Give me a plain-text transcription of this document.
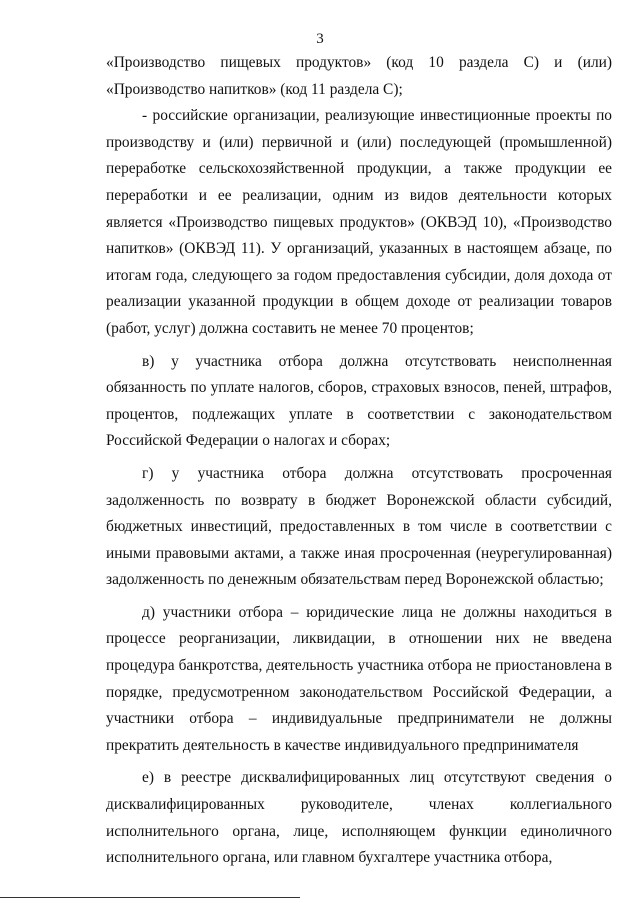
3

«Производство пищевых продуктов» (код 10 раздела С) и (или) «Производство напитков» (код 11 раздела С);

- российские организации, реализующие инвестиционные проекты по производству и (или) первичной и (или) последующей (промышленной) переработке сельскохозяйственной продукции, а также продукции ее переработки и ее реализации, одним из видов деятельности которых является «Производство пищевых продуктов» (ОКВЭД 10), «Производство напитков» (ОКВЭД 11). У организаций, указанных в настоящем абзаце, по итогам года, следующего за годом предоставления субсидии, доля дохода от реализации указанной продукции в общем доходе от реализации товаров (работ, услуг) должна составить не менее 70 процентов;

в) у участника отбора должна отсутствовать неисполненная обязанность по уплате налогов, сборов, страховых взносов, пеней, штрафов, процентов, подлежащих уплате в соответствии с законодательством Российской Федерации о налогах и сборах;

г) у участника отбора должна отсутствовать просроченная задолженность по возврату в бюджет Воронежской области субсидий, бюджетных инвестиций, предоставленных в том числе в соответствии с иными правовыми актами, а также иная просроченная (неурегулированная) задолженность по денежным обязательствам перед Воронежской областью;

д) участники отбора – юридические лица не должны находиться в процессе реорганизации, ликвидации, в отношении них не введена процедура банкротства, деятельность участника отбора не приостановлена в порядке, предусмотренном законодательством Российской Федерации, а участники отбора – индивидуальные предприниматели не должны прекратить деятельность в качестве индивидуального предпринимателя

е) в реестре дисквалифицированных лиц отсутствуют сведения о дисквалифицированных руководителе, членах коллегиального исполнительного органа, лице, исполняющем функции единоличного исполнительного органа, или главном бухгалтере участника отбора,
